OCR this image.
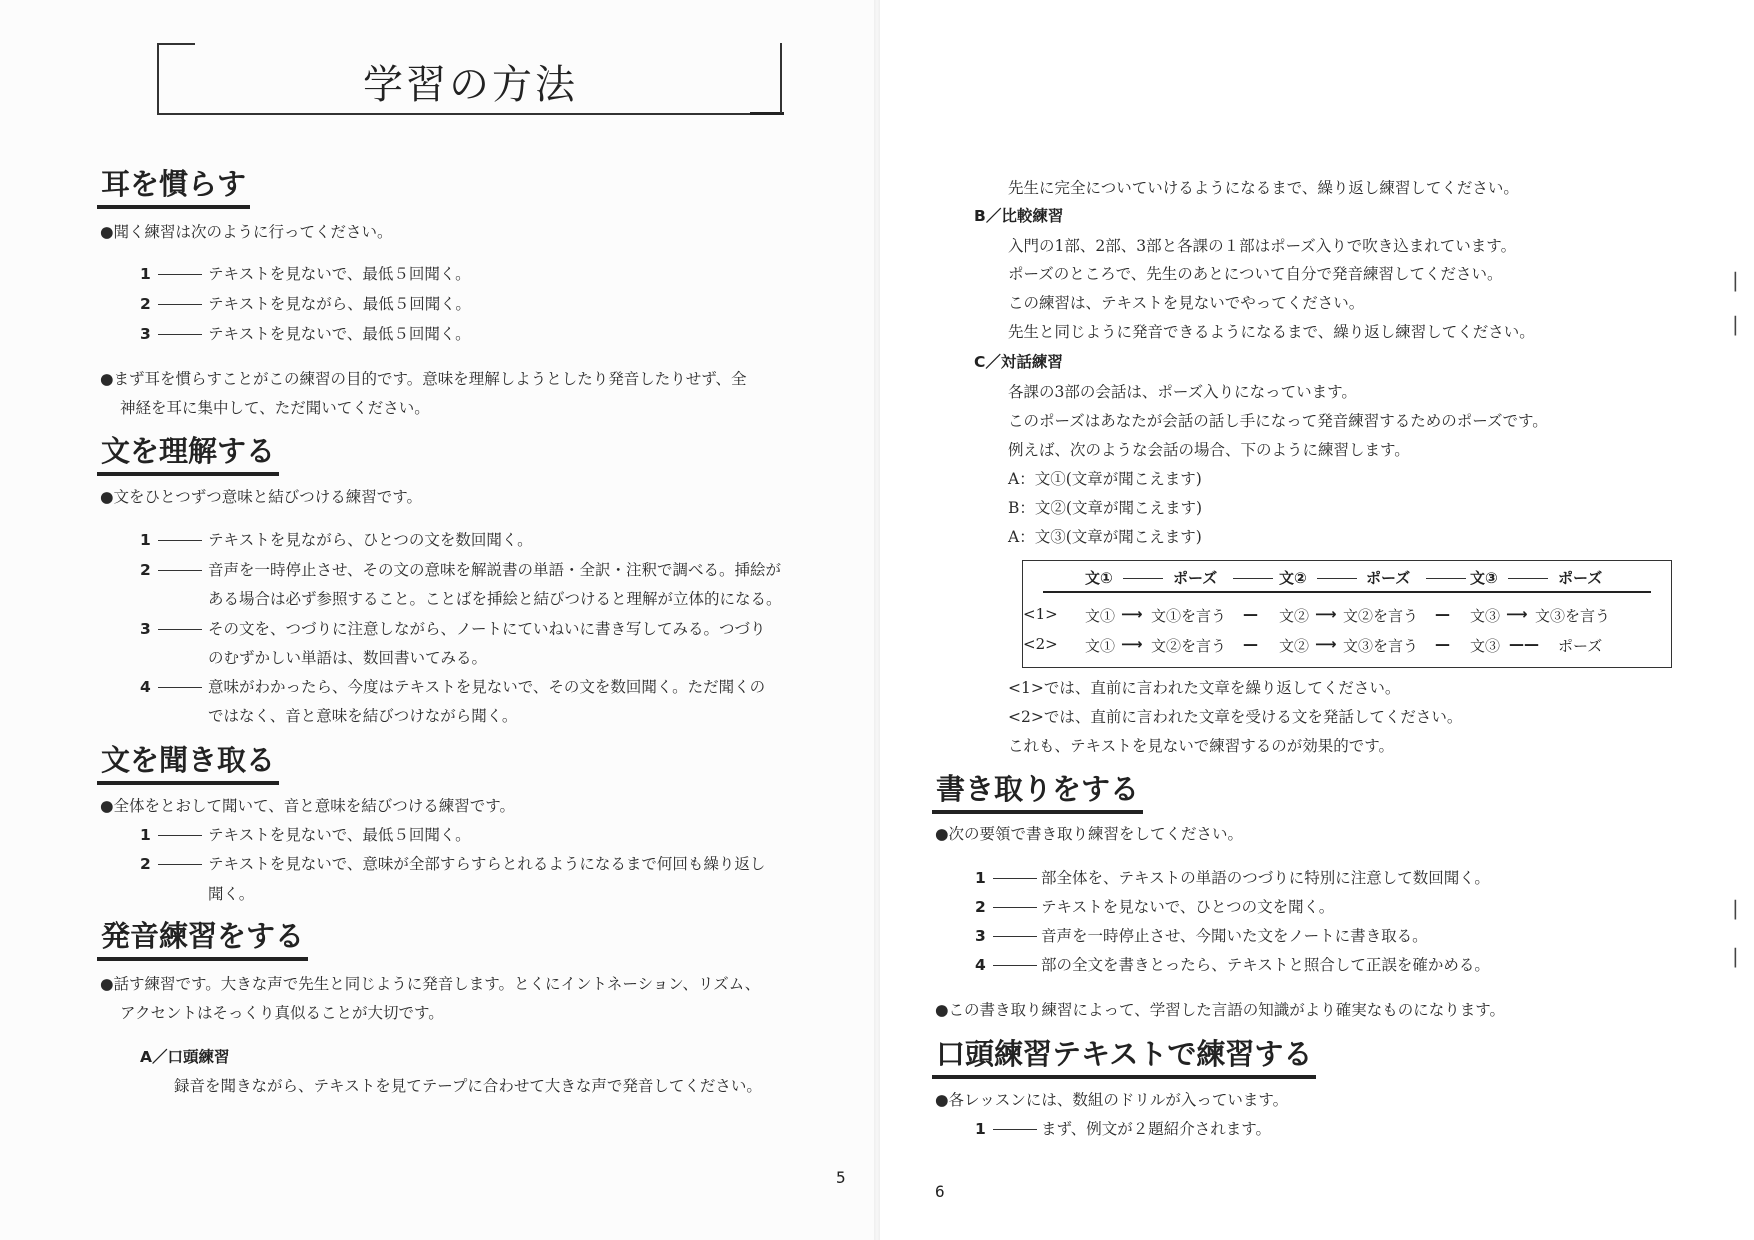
学習の方法
耳を慣らす
●聞く練習は次のように行ってください。
1	テキストを見ないで、最低５回聞く。
2	テキストを見ながら、最低５回聞く。
3	テキストを見ないで、最低５回聞く。
●まず耳を慣らすことがこの練習の目的です。意味を理解しようとしたり発音したりせず、全
神経を耳に集中して、ただ聞いてください。
文を理解する
●文をひとつずつ意味と結びつける練習です。
1	テキストを見ながら、ひとつの文を数回聞く。
2	音声を一時停止させ、その文の意味を解説書の単語・全訳・注釈で調べる。挿絵が
ある場合は必ず参照すること。ことばを挿絵と結びつけると理解が立体的になる。
3	その文を、つづりに注意しながら、ノートにていねいに書き写してみる。つづり
のむずかしい単語は、数回書いてみる。
4	意味がわかったら、今度はテキストを見ないで、その文を数回聞く。ただ聞くの
ではなく、音と意味を結びつけながら聞く。
文を聞き取る
●全体をとおして聞いて、音と意味を結びつける練習です。
1	テキストを見ないで、最低５回聞く。
2	テキストを見ないで、意味が全部すらすらとれるようになるまで何回も繰り返し
聞く。
発音練習をする
●話す練習です。大きな声で先生と同じように発音します。とくにイントネーション、リズム、
アクセントはそっくり真似ることが大切です。
A／口頭練習
録音を聞きながら、テキストを見てテープに合わせて大きな声で発音してください。
5
先生に完全についていけるようになるまで、繰り返し練習してください。
B／比較練習
入門の1部、2部、3部と各課の１部はポーズ入りで吹き込まれています。
ポーズのところで、先生のあとについて自分で発音練習してください。
この練習は、テキストを見ないでやってください。
先生と同じように発音できるようになるまで、繰り返し練習してください。
C／対話練習
各課の3部の会話は、ポーズ入りになっています。
このポーズはあなたが会話の話し手になって発音練習するためのポーズです。
例えば、次のような会話の場合、下のように練習します。
A：文①(文章が聞こえます)
B：文②(文章が聞こえます)
A：文③(文章が聞こえます)
文①	ポーズ	文②	ポーズ	文③	ポーズ
<1> 文① ⟶ 文①を言う — 文② ⟶ 文②を言う — 文③ ⟶ 文③を言う
<2> 文① ⟶ 文②を言う — 文② ⟶ 文③を言う — 文③ —— ポーズ
<1>では、直前に言われた文章を繰り返してください。
<2>では、直前に言われた文章を受ける文を発話してください。
これも、テキストを見ないで練習するのが効果的です。
書き取りをする
●次の要領で書き取り練習をしてください。
1	部全体を、テキストの単語のつづりに特別に注意して数回聞く。
2	テキストを見ないで、ひとつの文を聞く。
3	音声を一時停止させ、今聞いた文をノートに書き取る。
4	部の全文を書きとったら、テキストと照合して正誤を確かめる。
●この書き取り練習によって、学習した言語の知識がより確実なものになります。
口頭練習テキストで練習する
●各レッスンには、数組のドリルが入っています。
1	まず、例文が２題紹介されます。
6
|
|
|
|
